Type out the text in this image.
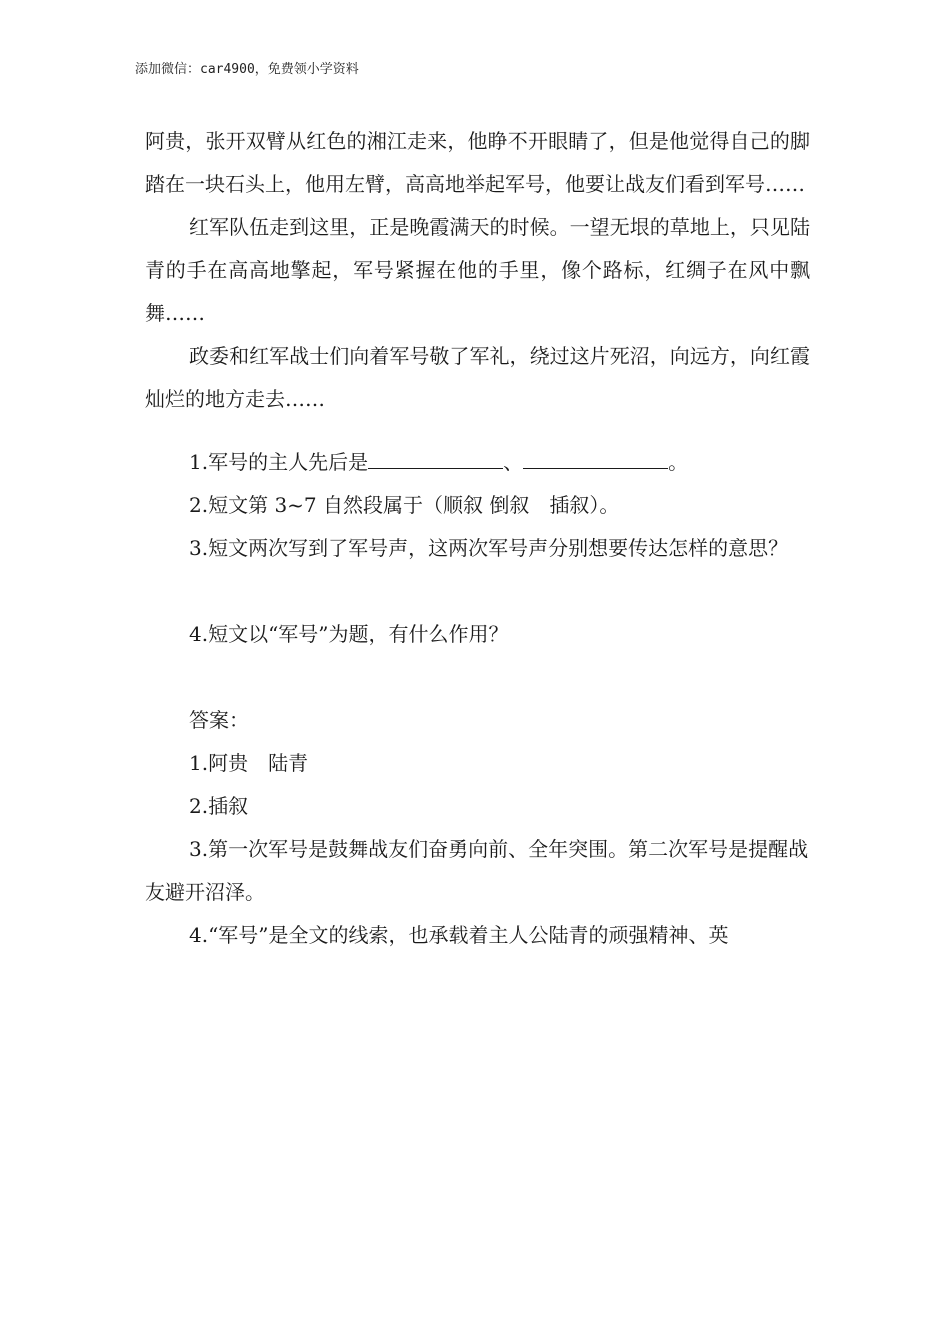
添加微信：car4900，免费领小学资料

阿贵，张开双臂从红色的湘江走来，他睁不开眼睛了，但是他觉得自己的脚踏在一块石头上，他用左臂，高高地举起军号，他要让战友们看到军号……

红军队伍走到这里，正是晚霞满天的时候。一望无垠的草地上，只见陆青的手在高高地擎起，军号紧握在他的手里，像个路标，红绸子在风中飘舞……

政委和红军战士们向着军号敬了军礼，绕过这片死沼，向远方，向红霞灿烂的地方走去……

1.军号的主人先后是	、	。

2.短文第 3~7 自然段属于（顺叙 倒叙　插叙）。

3.短文两次写到了军号声，这两次军号声分别想要传达怎样的意思？

4.短文以“军号”为题，有什么作用？

答案：

1.阿贵　陆青

2.插叙

3.第一次军号是鼓舞战友们奋勇向前、全年突围。第二次军号是提醒战友避开沼泽。

4.“军号”是全文的线索，也承载着主人公陆青的顽强精神、英
